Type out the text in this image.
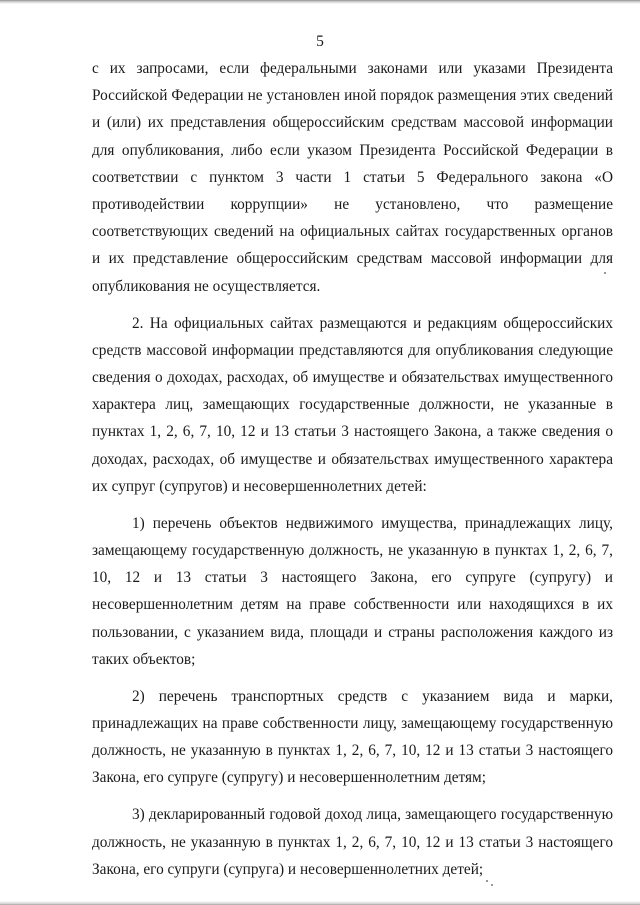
5

с их запросами, если федеральными законами или указами Президента Российской Федерации не установлен иной порядок размещения этих сведений и (или) их представления общероссийским средствам массовой информации для опубликования, либо если указом Президента Российской Федерации в соответствии с пунктом 3 части 1 статьи 5 Федерального закона «О противодействии коррупции» не установлено, что размещение соответствующих сведений на официальных сайтах государственных органов и их представление общероссийским средствам массовой информации для опубликования не осуществляется.

2. На официальных сайтах размещаются и редакциям общероссийских средств массовой информации представляются для опубликования следующие сведения о доходах, расходах, об имуществе и обязательствах имущественного характера лиц, замещающих государственные должности, не указанные в пунктах 1, 2, 6, 7, 10, 12 и 13 статьи 3 настоящего Закона, а также сведения о доходах, расходах, об имуществе и обязательствах имущественного характера их супруг (супругов) и несовершеннолетних детей:

1) перечень объектов недвижимого имущества, принадлежащих лицу, замещающему государственную должность, не указанную в пунктах 1, 2, 6, 7, 10, 12 и 13 статьи 3 настоящего Закона, его супруге (супругу) и несовершеннолетним детям на праве собственности или находящихся в их пользовании, с указанием вида, площади и страны расположения каждого из таких объектов;

2) перечень транспортных средств с указанием вида и марки, принадлежащих на праве собственности лицу, замещающему государственную должность, не указанную в пунктах 1, 2, 6, 7, 10, 12 и 13 статьи 3 настоящего Закона, его супруге (супругу) и несовершеннолетним детям;

3) декларированный годовой доход лица, замещающего государственную должность, не указанную в пунктах 1, 2, 6, 7, 10, 12 и 13 статьи 3 настоящего Закона, его супруги (супруга) и несовершеннолетних детей;
